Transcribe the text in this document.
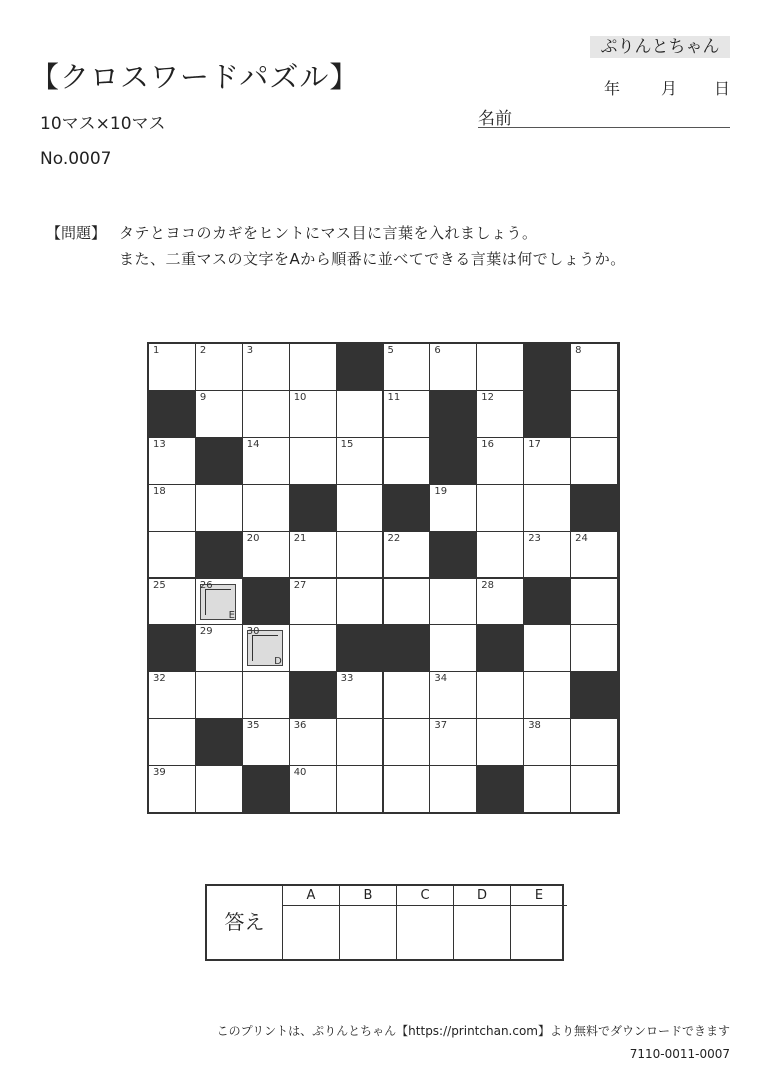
ぷりんとちゃん
【クロスワードパズル】
10マス×10マス
No.0007
年	月 日
名前
【問題】 タテとヨコのカギをヒントにマス目に言葉を入れましょう。
また、二重マスの文字をAから順番に並べてできる言葉は何でしょうか。
1	2	3	5	6	8
9	10	11	12
13	14	15	16	17
18	19
20	21	22	23	24
25
E
26	27	28
29
D
30
32	33	34
35	36	37	38
39	40
答え
A	B	C	D	E
このプリントは、ぷりんとちゃん【https://printchan.com】より無料でダウンロードできます
7110-0011-0007
